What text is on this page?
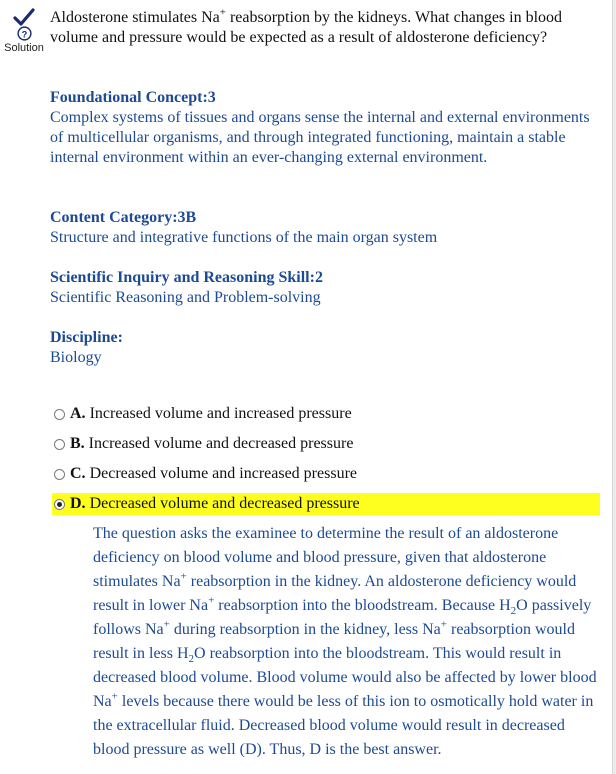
?
Solution
Aldosterone stimulates Na+ reabsorption by the kidneys. What changes in blood volume and pressure would be expected as a result of aldosterone deficiency?
Foundational Concept:3
Complex systems of tissues and organs sense the internal and external environments of multicellular organisms, and through integrated functioning, maintain a stable internal environment within an ever-changing external environment.
Content Category:3B
Structure and integrative functions of the main organ system
Scientific Inquiry and Reasoning Skill:2
Scientific Reasoning and Problem-solving
Discipline:
Biology
A. Increased volume and increased pressure
B. Increased volume and decreased pressure
C. Decreased volume and increased pressure
D. Decreased volume and decreased pressure
The question asks the examinee to determine the result of an aldosterone deficiency on blood volume and blood pressure, given that aldosterone stimulates Na+ reabsorption in the kidney. An aldosterone deficiency would result in lower Na+ reabsorption into the bloodstream. Because $H_2O$ passively follows Na+ during reabsorption in the kidney, less Na+ reabsorption would result in less $H_2O$ reabsorption into the bloodstream. This would result in decreased blood volume. Blood volume would also be affected by lower blood Na+ levels because there would be less of this ion to osmotically hold water in the extracellular fluid. Decreased blood volume would result in decreased blood pressure as well (D). Thus, D is the best answer.
